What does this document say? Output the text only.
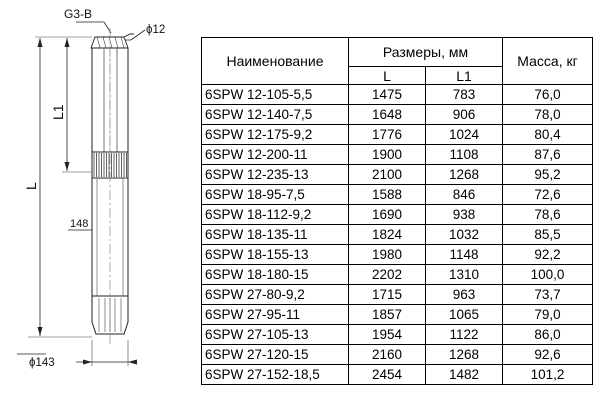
G3-B
ϕ12
L
L1
148
ϕ143
Наименование	Размеры, мм		Масса, кг
	L	L1	
6SPW 12-105-5,5	1475	783	76,0
6SPW 12-140-7,5	1648	906	78,0
6SPW 12-175-9,2	1776	1024	80,4
6SPW 12-200-11	1900	1108	87,6
6SPW 12-235-13	2100	1268	95,2
6SPW 18-95-7,5	1588	846	72,6
6SPW 18-112-9,2	1690	938	78,6
6SPW 18-135-11	1824	1032	85,5
6SPW 18-155-13	1980	1148	92,2
6SPW 18-180-15	2202	1310	100,0
6SPW 27-80-9,2	1715	963	73,7
6SPW 27-95-11	1857	1065	79,0
6SPW 27-105-13	1954	1122	86,0
6SPW 27-120-15	2160	1268	92,6
6SPW 27-152-18,5	2454	1482	101,2
